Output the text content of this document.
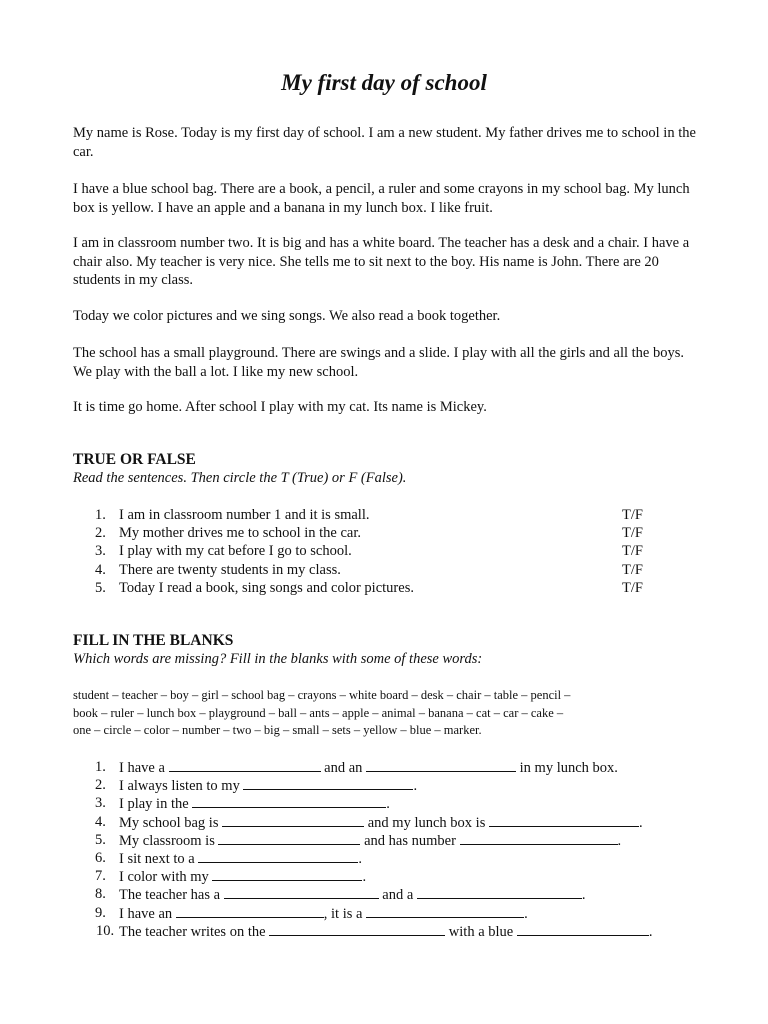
My first day of school

My name is Rose. Today is my first day of school. I am a new student. My father drives me to school in the car.

I have a blue school bag. There are a book, a pencil, a ruler and some crayons in my school bag. My lunch box is yellow. I have an apple and a banana in my lunch box. I like fruit.

I am in classroom number two. It is big and has a white board. The teacher has a desk and a chair. I have a chair also. My teacher is very nice. She tells me to sit next to the boy. His name is John. There are 20 students in my class.

Today we color pictures and we sing songs. We also read a book together.

The school has a small playground. There are swings and a slide. I play with all the girls and all the boys. We play with the ball a lot. I like my new school.

It is time go home. After school I play with my cat. Its name is Mickey.

TRUE OR FALSE
Read the sentences. Then circle the T (True) or F (False).
1. I am in classroom number 1 and it is small.	T/F
2. My mother drives me to school in the car.	T/F
3. I play with my cat before I go to school.	T/F
4. There are twenty students in my class.	T/F
5. Today I read a book, sing songs and color pictures.	T/F
FILL IN THE BLANKS
Which words are missing? Fill in the blanks with some of these words:
student – teacher – boy – girl – school bag – crayons – white board – desk – chair – table – pencil –
book – ruler – lunch box – playground – ball – ants – apple – animal – banana – cat – car – cake –
one – circle – color – number – two – big – small – sets – yellow – blue – marker.
1. I have a	and an	in my lunch box.
2. I always listen to my	.
3. I play in the	.
4. My school bag is	and my lunch box is	.
5. My classroom is	and has number	.
6. I sit next to a	.
7. I color with my	.
8. The teacher has a	and a	.
9. I have an	, it is a	.
10. The teacher writes on the	with a blue	.
